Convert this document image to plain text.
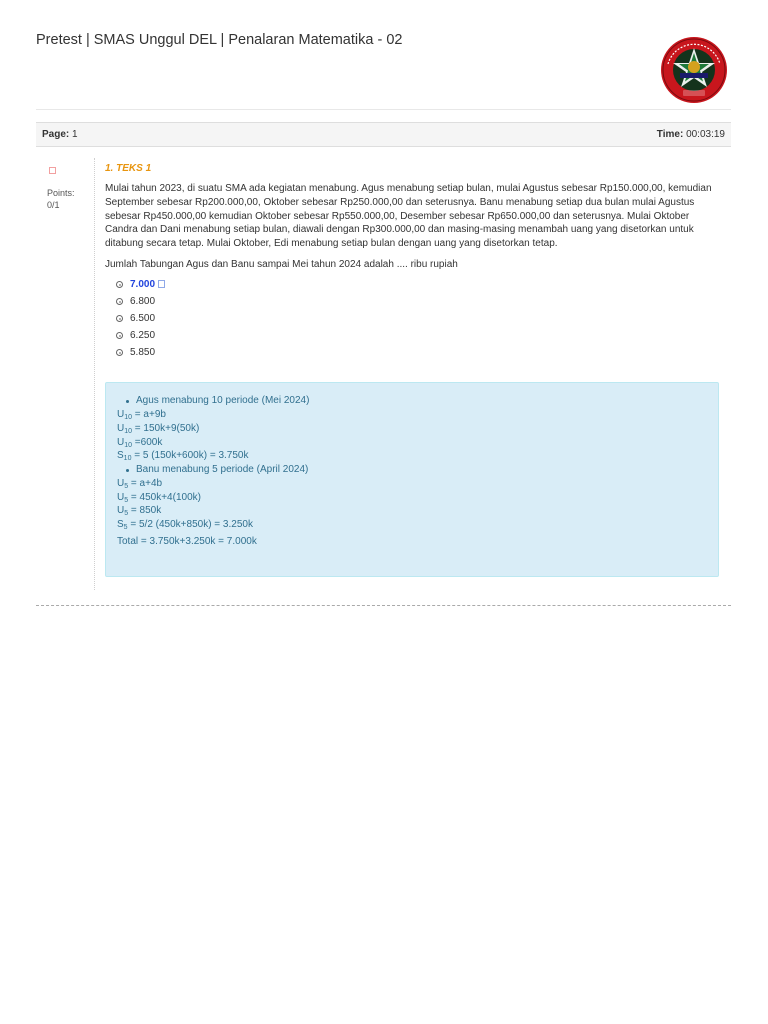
Pretest | SMAS Unggul DEL | Penalaran Matematika - 02
Page: 1	Time: 00:03:19
Points:
0/1
1. TEKS 1
Mulai tahun 2023, di suatu SMA ada kegiatan menabung. Agus menabung setiap bulan, mulai Agustus sebesar Rp150.000,00, kemudian September sebesar Rp200.000,00, Oktober sebesar Rp250.000,00 dan seterusnya. Banu menabung setiap dua bulan mulai Agustus sebesar Rp450.000,00 kemudian Oktober sebesar Rp550.000,00, Desember sebesar Rp650.000,00 dan seterusnya. Mulai Oktober Candra dan Dani menabung setiap bulan, diawali dengan Rp300.000,00 dan masing-masing menambah uang yang disetorkan untuk ditabung secara tetap. Mulai Oktober, Edi menabung setiap bulan dengan uang yang disetorkan tetap.
Jumlah Tabungan Agus dan Banu sampai Mei tahun 2024 adalah .... ribu rupiah
7.000
6.800
6.500
6.250
5.850
Agus menabung 10 periode (Mei 2024)
$U_{10} = a+9b$
$U_{10} = 150k+9(50k)$
$U_{10} =600k$
$S_{10} = 5$ (150k+600k) = 3.750k
Banu menabung 5 periode (April 2024)
$U_5 = a+4b$
$U_5 = 450k+4(100k)$
$U_5 = 850k$
$S_5 = 5/2$ (450k+850k) = 3.250k
Total = 3.750k+3.250k = 7.000k
